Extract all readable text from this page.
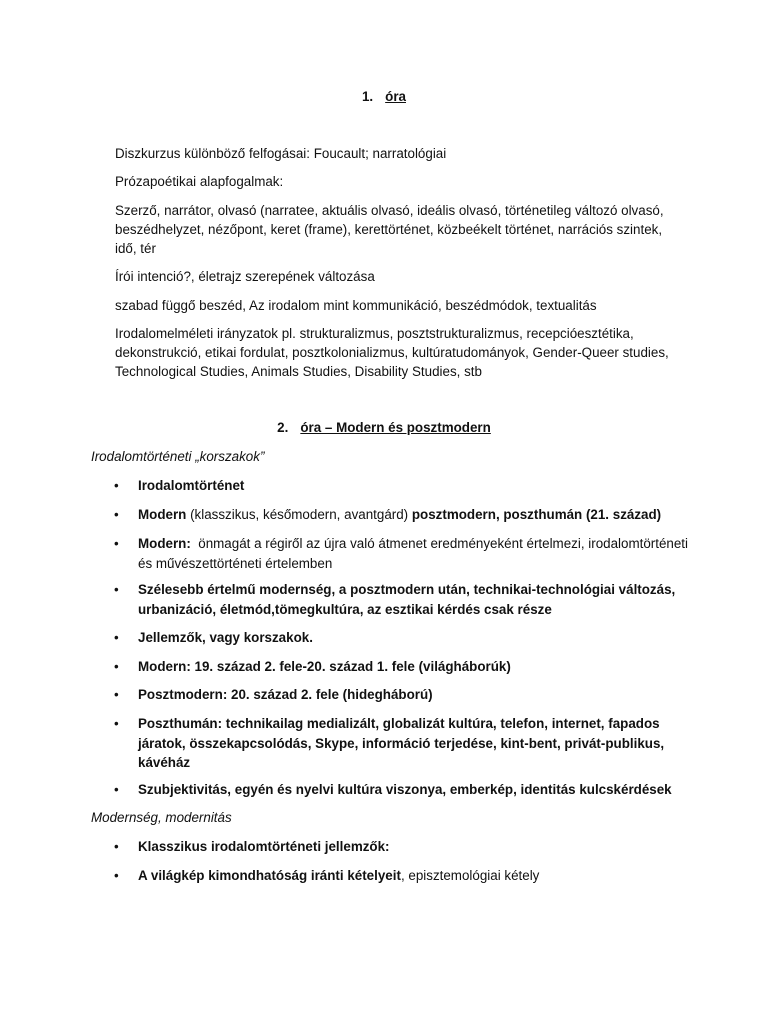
1. óra
Diszkurzus különböző felfogásai: Foucault; narratológiai
Prózapoétikai alapfogalmak:
Szerző, narrátor, olvasó (narratee, aktuális olvasó, ideális olvasó, történetileg változó olvasó, beszédhelyzet, nézőpont, keret (frame), kerettörténet, közbeékelt történet, narrációs szintek, idő, tér
Írói intenció?, életrajz szerepének változása
szabad függő beszéd, Az irodalom mint kommunikáció, beszédmódok, textualitás
Irodalomelméleti irányzatok pl. strukturalizmus, posztstrukturalizmus, recepcióesztétika, dekonstrukció, etikai fordulat, posztkolonializmus, kultúratudományok, Gender-Queer studies, Technological Studies, Animals Studies, Disability Studies, stb
2. óra – Modern és posztmodern
Irodalomtörténeti „korszakok”
• Irodalomtörténet
• Modern (klasszikus, későmodern, avantgárd) posztmodern, poszthumán (21. század)
• Modern:  önmagát a régiről az újra való átmenet eredményeként értelmezi, irodalomtörténeti és művészettörténeti értelemben
• Szélesebb értelmű modernség, a posztmodern után, technikai-technológiai változás, urbanizáció, életmód,tömegkultúra, az esztikai kérdés csak része
• Jellemzők, vagy korszakok.
• Modern: 19. század 2. fele-20. század 1. fele (világháborúk)
• Posztmodern: 20. század 2. fele (hidegháború)
• Poszthumán: technikailag medializált, globalizát kultúra, telefon, internet, fapados járatok, összekapcsolódás, Skype, információ terjedése, kint-bent, privát-publikus, kávéház
• Szubjektivitás, egyén és nyelvi kultúra viszonya, emberkép, identitás kulcskérdések
Modernség, modernitás
• Klasszikus irodalomtörténeti jellemzők:
• A világkép kimondhatóság iránti kételyeit, episztemológiai kétely
